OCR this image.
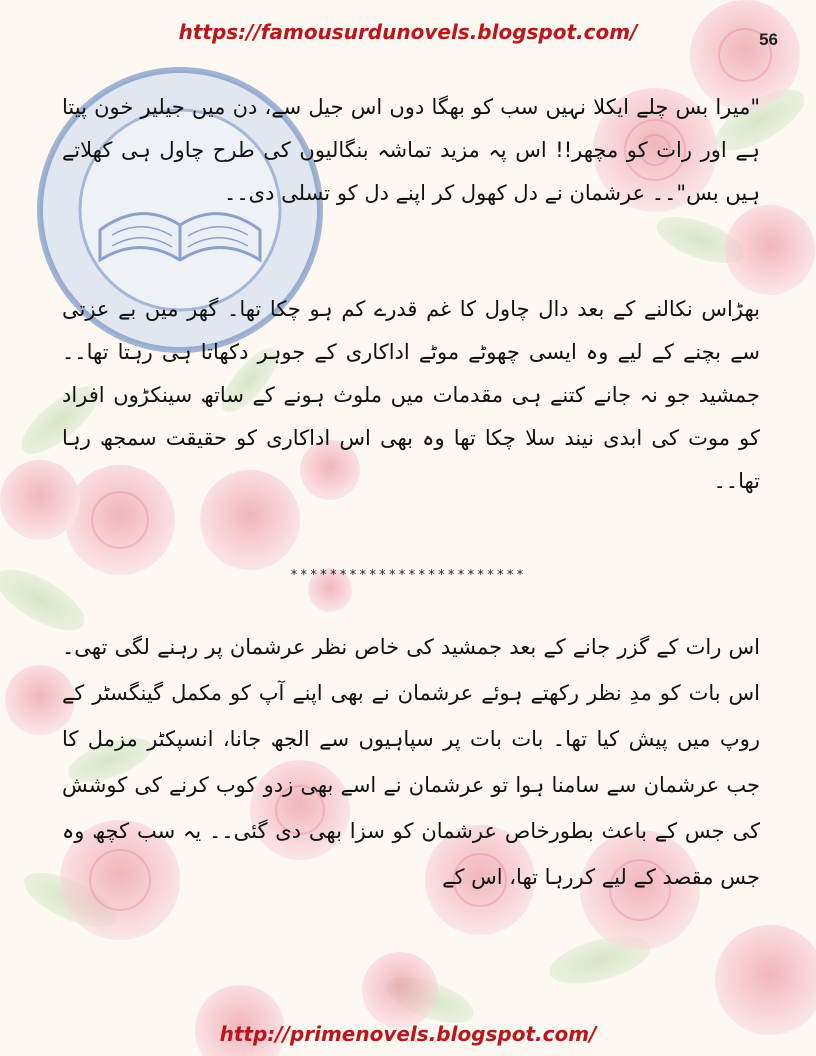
https://famousurdunovels.blogspot.com/	56

"میرا بس چلے ایکلا نہیں سب کو بھگا دوں اس جیل سے، دن میں جیلیر خون پیتا ہے اور رات کو مچھر!! اس پہ مزید تماشہ بنگالیوں کی طرح چاول ہی کھلاتے ہیں بس"۔۔ عرشمان نے دل کھول کر اپنے دل کو تسلی دی۔۔

بھڑاس نکالنے کے بعد دال چاول کا غم قدرے کم ہو چکا تھا۔ گھر میں بے عزتی سے بچنے کے لیے وہ ایسی چھوٹے موٹے اداکاری کے جوہر دکھاتا ہی رہتا تھا۔۔ جمشید جو نہ جانے کتنے ہی مقدمات میں ملوث ہونے کے ساتھ سینکڑوں افراد کو موت کی ابدی نیند سلا چکا تھا وہ بھی اس اداکاری کو حقیقت سمجھ رہا تھا۔۔

************************

اس رات کے گزر جانے کے بعد جمشید کی خاص نظر عرشمان پر رہنے لگی تھی۔ اس بات کو مدِ نظر رکھتے ہوئے عرشمان نے بھی اپنے آپ کو مکمل گینگسٹر کے روپ میں پیش کیا تھا۔ بات بات پر سپاہیوں سے الجھ جانا، انسپکٹر مزمل کا جب عرشمان سے سامنا ہوا تو عرشمان نے اسے بھی زدو کوب کرنے کی کوشش کی جس کے باعث بطورخاص عرشمان کو سزا بھی دی گئی۔۔ یہ سب کچھ وہ جس مقصد کے لیے کررہا تھا، اس کے

http://primenovels.blogspot.com/
